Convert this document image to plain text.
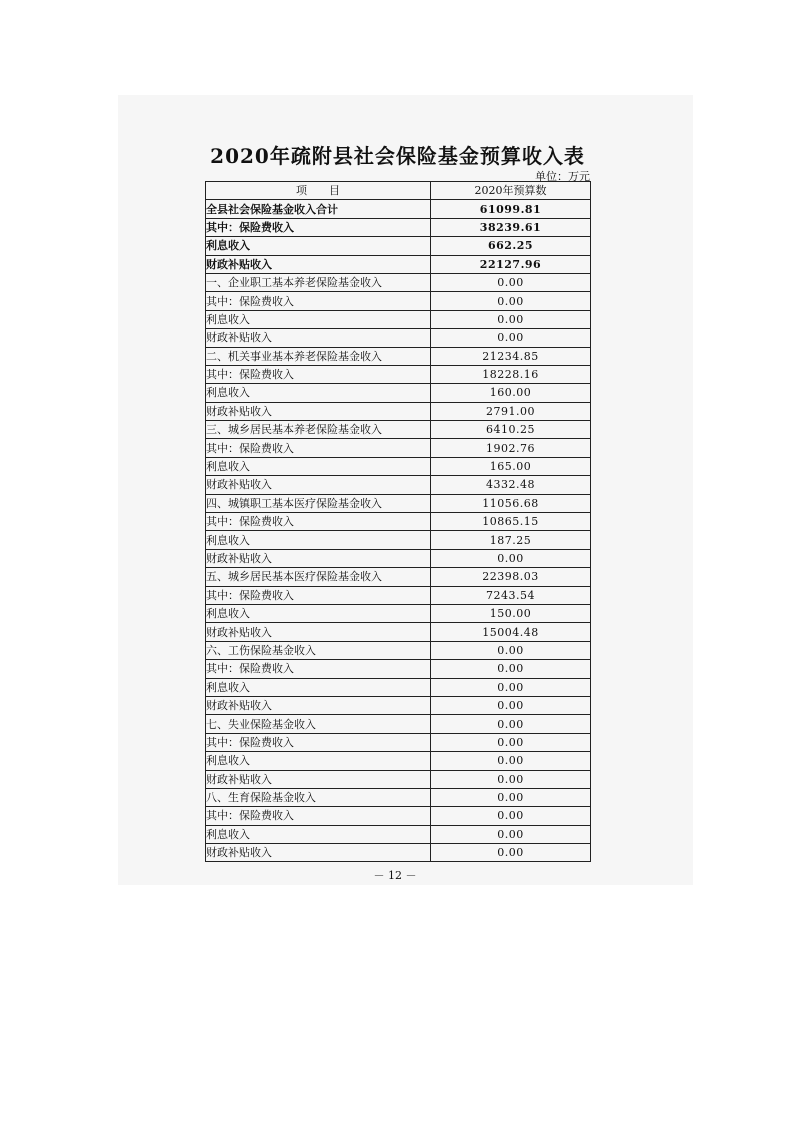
2020年疏附县社会保险基金预算收入表
单位：万元
项　　目	2020年预算数
全县社会保险基金收入合计	61099.81
其中：保险费收入	38239.61
利息收入	662.25
财政补贴收入	22127.96
一、企业职工基本养老保险基金收入	0.00
其中：保险费收入	0.00
利息收入	0.00
财政补贴收入	0.00
二、机关事业基本养老保险基金收入	21234.85
其中：保险费收入	18228.16
利息收入	160.00
财政补贴收入	2791.00
三、城乡居民基本养老保险基金收入	6410.25
其中：保险费收入	1902.76
利息收入	165.00
财政补贴收入	4332.48
四、城镇职工基本医疗保险基金收入	11056.68
其中：保险费收入	10865.15
利息收入	187.25
财政补贴收入	0.00
五、城乡居民基本医疗保险基金收入	22398.03
其中：保险费收入	7243.54
利息收入	150.00
财政补贴收入	15004.48
六、工伤保险基金收入	0.00
其中：保险费收入	0.00
利息收入	0.00
财政补贴收入	0.00
七、失业保险基金收入	0.00
其中：保险费收入	0.00
利息收入	0.00
财政补贴收入	0.00
八、生育保险基金收入	0.00
其中：保险费收入	0.00
利息收入	0.00
财政补贴收入	0.00
－ 12 －
